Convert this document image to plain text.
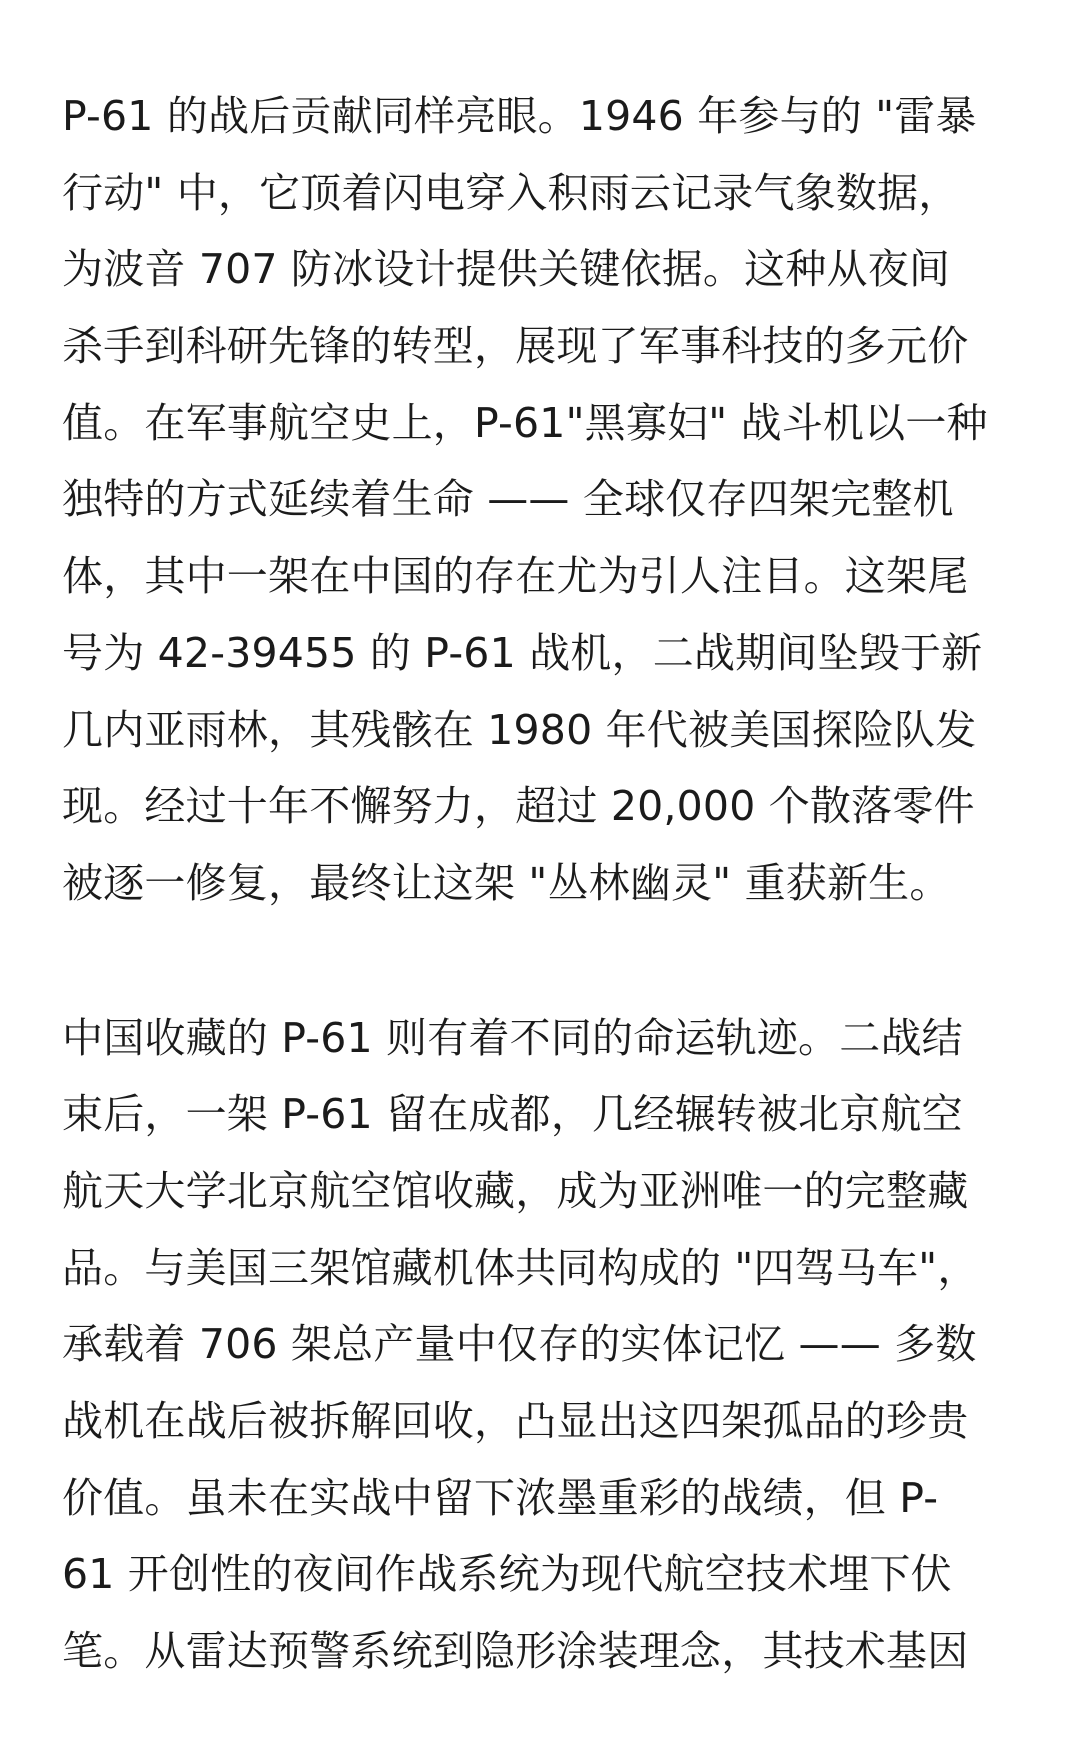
P-61 的战后贡献同样亮眼。1946 年参与的 "雷暴
行动" 中，它顶着闪电穿入积雨云记录气象数据，
为波音 707 防冰设计提供关键依据。这种从夜间
杀手到科研先锋的转型，展现了军事科技的多元价
值。在军事航空史上，P-61"黑寡妇" 战斗机以一种
独特的方式延续着生命 —— 全球仅存四架完整机
体，其中一架在中国的存在尤为引人注目。这架尾
号为 42-39455 的 P-61 战机，二战期间坠毁于新
几内亚雨林，其残骸在 1980 年代被美国探险队发
现。经过十年不懈努力，超过 20,000 个散落零件
被逐一修复，最终让这架 "丛林幽灵" 重获新生。

中国收藏的 P-61 则有着不同的命运轨迹。二战结
束后，一架 P-61 留在成都，几经辗转被北京航空
航天大学北京航空馆收藏，成为亚洲唯一的完整藏
品。与美国三架馆藏机体共同构成的 "四驾马车"，
承载着 706 架总产量中仅存的实体记忆 —— 多数
战机在战后被拆解回收，凸显出这四架孤品的珍贵
价值。虽未在实战中留下浓墨重彩的战绩，但 P-
61 开创性的夜间作战系统为现代航空技术埋下伏
笔。从雷达预警系统到隐形涂装理念，其技术基因
